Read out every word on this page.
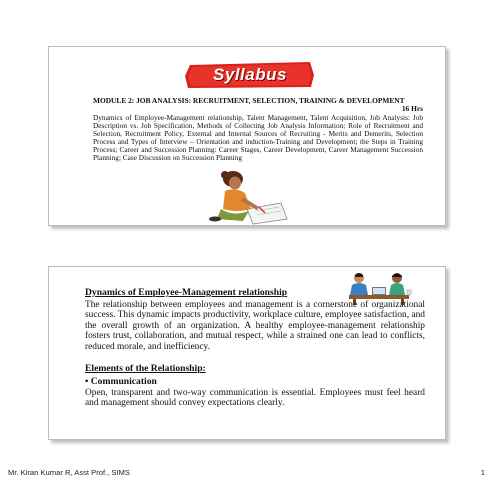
Syllabus
MODULE 2: JOB ANALYSIS: RECRUITMENT, SELECTION, TRAINING & DEVELOPMENT
16 Hrs
Dynamics of Employee-Management relationship, Talent Management, Talent Acquisition, Job Analysis: Job Description vs. Job Specification, Methods of Collecting Job Analysis Information; Role of Recruitment and Selection, Recruitment Policy, External and Internal Sources of Recruiting - Merits and Demerits, Selection Process and Types of Interview – Orientation and induction-Training and Development; the Steps in Training Process; Career and Succession Planning: Career Stages, Career Development, Career Management Succession Planning; Case Discussion on Succession Planning
Dynamics of Employee-Management relationship
The relationship between employees and management is a cornerstone of organizational success. This dynamic impacts productivity, workplace culture, employee satisfaction, and the overall growth of an organization. A healthy employee-management relationship fosters trust, collaboration, and mutual respect, while a strained one can lead to conflicts, reduced morale, and inefficiency.
Elements of the Relationship:
• Communication
Open, transparent and two-way communication is essential. Employees must feel heard and management should convey expectations clearly.
Mr. Kiran Kumar R, Asst Prof., SIMS	1
